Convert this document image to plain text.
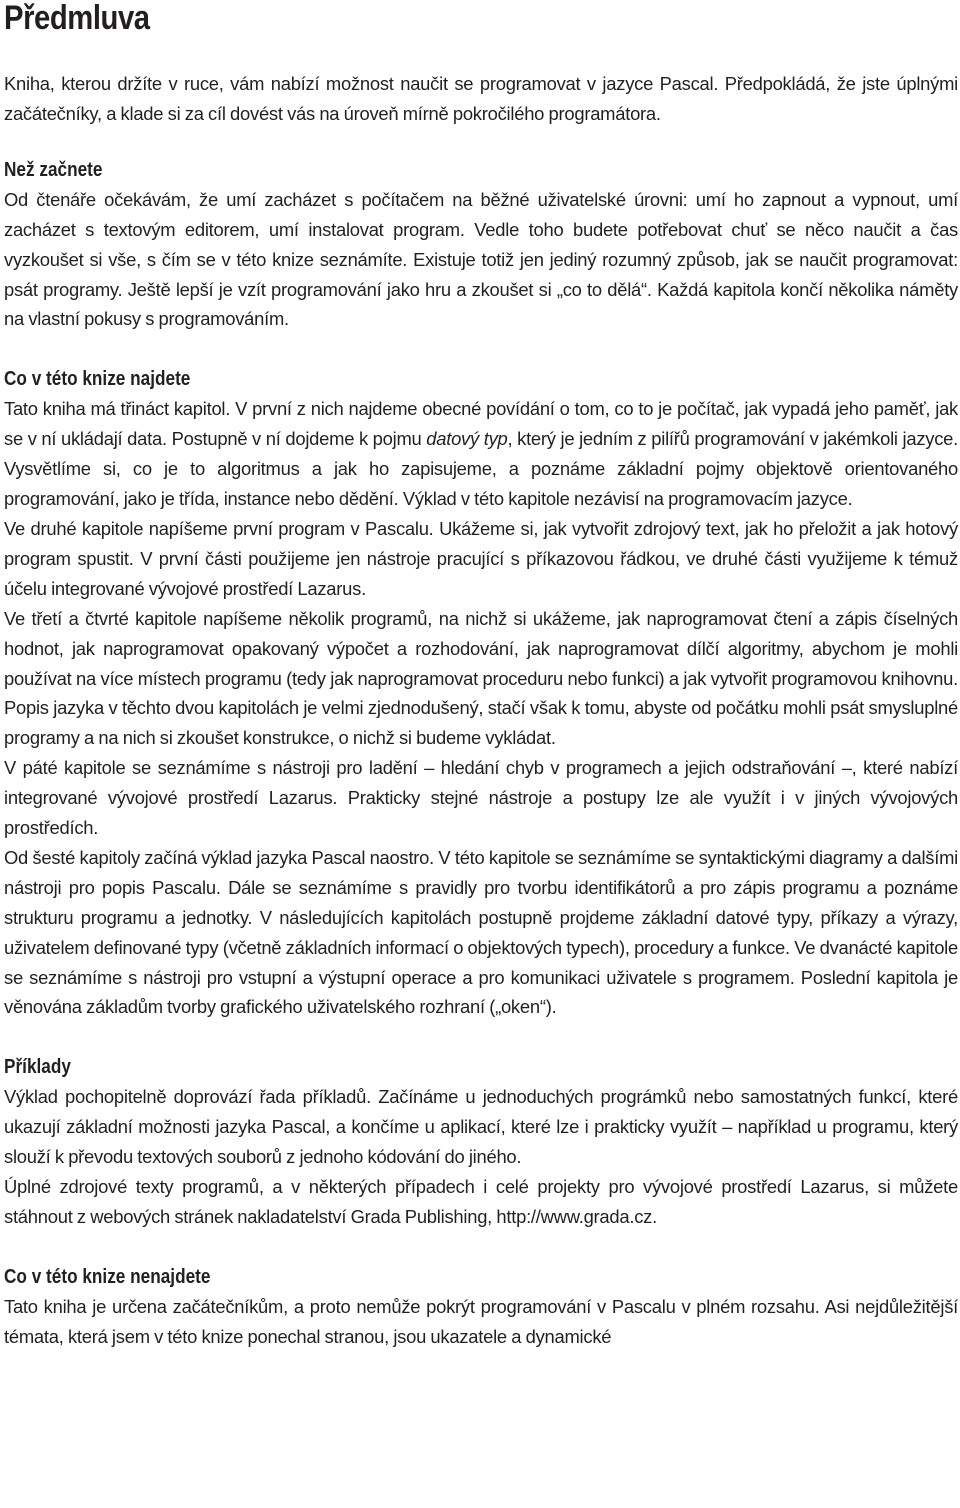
Předmluva

Kniha, kterou držíte v ruce, vám nabízí možnost naučit se programovat v jazyce Pascal. Předpokládá, že jste úplnými začátečníky, a klade si za cíl dovést vás na úroveň mírně pokročilého programátora.

Než začnete

Od čtenáře očekávám, že umí zacházet s počítačem na běžné uživatelské úrovni: umí ho zapnout a vypnout, umí zacházet s textovým editorem, umí instalovat program. Vedle toho budete potřebovat chuť se něco naučit a čas vyzkoušet si vše, s čím se v této knize seznámíte. Existuje totiž jen jediný rozumný způsob, jak se naučit programovat: psát programy. Ještě lepší je vzít programování jako hru a zkoušet si „co to dělá“. Každá kapitola končí několika náměty na vlastní pokusy s programováním.

Co v této knize najdete

Tato kniha má třináct kapitol. V první z nich najdeme obecné povídání o tom, co to je počítač, jak vypadá jeho paměť, jak se v ní ukládají data. Postupně v ní dojdeme k pojmu datový typ, který je jedním z pilířů programování v jakémkoli jazyce. Vysvětlíme si, co je to algoritmus a jak ho zapisujeme, a poznáme základní pojmy objektově orientovaného programování, jako je třída, instance nebo dědění. Výklad v této kapitole nezávisí na programovacím jazyce.

Ve druhé kapitole napíšeme první program v Pascalu. Ukážeme si, jak vytvořit zdrojový text, jak ho přeložit a jak hotový program spustit. V první části použijeme jen nástroje pracující s příkazovou řádkou, ve druhé části využijeme k témuž účelu integrované vývojové prostředí Lazarus.

Ve třetí a čtvrté kapitole napíšeme několik programů, na nichž si ukážeme, jak naprogramovat čtení a zápis číselných hodnot, jak naprogramovat opakovaný výpočet a rozhodování, jak naprogramovat dílčí algoritmy, abychom je mohli používat na více místech programu (tedy jak naprogramovat proceduru nebo funkci) a jak vytvořit programovou knihovnu. Popis jazyka v těchto dvou kapitolách je velmi zjednodušený, stačí však k tomu, abyste od počátku mohli psát smysluplné programy a na nich si zkoušet konstrukce, o nichž si budeme vykládat.

V páté kapitole se seznámíme s nástroji pro ladění – hledání chyb v programech a jejich odstraňování –, které nabízí integrované vývojové prostředí Lazarus. Prakticky stejné nástroje a postupy lze ale využít i v jiných vývojových prostředích.

Od šesté kapitoly začíná výklad jazyka Pascal naostro. V této kapitole se seznámíme se syntaktickými diagramy a dalšími nástroji pro popis Pascalu. Dále se seznámíme s pravidly pro tvorbu identifikátorů a pro zápis programu a poznáme strukturu programu a jednotky. V následujících kapitolách postupně projdeme základní datové typy, příkazy a výrazy, uživatelem definované typy (včetně základních informací o objektových typech), procedury a funkce. Ve dvanácté kapitole se seznámíme s nástroji pro vstupní a výstupní operace a pro komunikaci uživatele s programem. Poslední kapitola je věnována základům tvorby grafického uživatelského rozhraní („oken“).

Příklady

Výklad pochopitelně doprovází řada příkladů. Začínáme u jednoduchých prográmků nebo samostatných funkcí, které ukazují základní možnosti jazyka Pascal, a končíme u aplikací, které lze i prakticky využít – například u programu, který slouží k převodu textových souborů z jednoho kódování do jiného.

Úplné zdrojové texty programů, a v některých případech i celé projekty pro vývojové prostředí Lazarus, si můžete stáhnout z webových stránek nakladatelství Grada Publishing, http://www.grada.cz.

Co v této knize nenajdete

Tato kniha je určena začátečníkům, a proto nemůže pokrýt programování v Pascalu v plném rozsahu. Asi nejdůležitější témata, která jsem v této knize ponechal stranou, jsou ukazatele a dynamické
